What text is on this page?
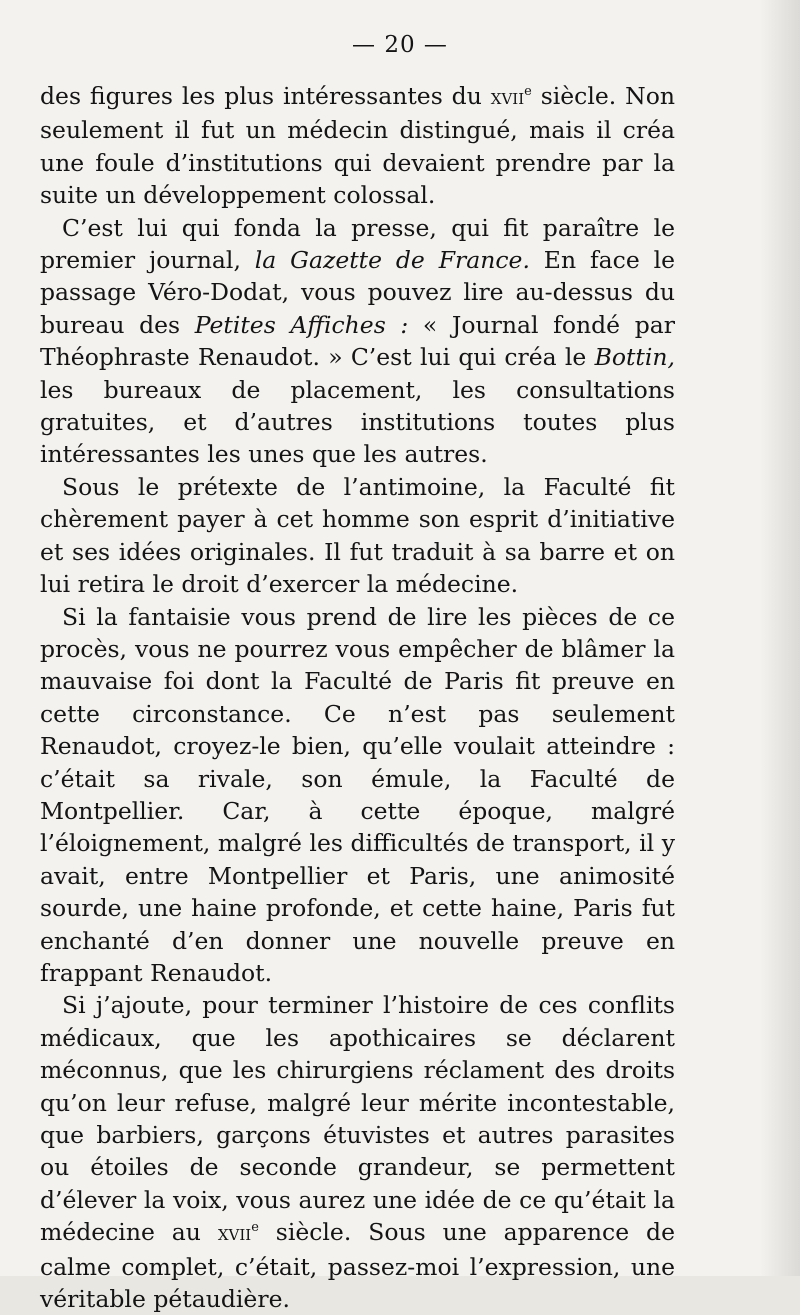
— 20 —

des figures les plus intéressantes du xvii$^e$ siècle. Non seulement il fut un médecin distingué, mais il créa une foule d’institutions qui devaient prendre par la suite un développement colossal.

C’est lui qui fonda la presse, qui fit paraître le premier journal, la Gazette de France. En face le passage Véro-Dodat, vous pouvez lire au-dessus du bureau des Petites Affiches : « Journal fondé par Théophraste Renaudot. » C’est lui qui créa le Bottin, les bureaux de placement, les consultations gratuites, et d’autres institutions toutes plus intéressantes les unes que les autres.

Sous le prétexte de l’antimoine, la Faculté fit chèrement payer à cet homme son esprit d’initiative et ses idées originales. Il fut traduit à sa barre et on lui retira le droit d’exercer la médecine.

Si la fantaisie vous prend de lire les pièces de ce procès, vous ne pourrez vous empêcher de blâmer la mauvaise foi dont la Faculté de Paris fit preuve en cette circonstance. Ce n’est pas seulement Renaudot, croyez-le bien, qu’elle voulait atteindre : c’était sa rivale, son émule, la Faculté de Montpellier. Car, à cette époque, malgré l’éloignement, malgré les difficultés de transport, il y avait, entre Montpellier et Paris, une animosité sourde, une haine profonde, et cette haine, Paris fut enchanté d’en donner une nouvelle preuve en frappant Renaudot.

Si j’ajoute, pour terminer l’histoire de ces conflits médicaux, que les apothicaires se déclarent méconnus, que les chirurgiens réclament des droits qu’on leur refuse, malgré leur mérite incontestable, que barbiers, garçons étuvistes et autres parasites ou étoiles de seconde grandeur, se permettent d’élever la voix, vous aurez une idée de ce qu’était la médecine au xvii$^e$ siècle. Sous une apparence de calme complet, c’était, passez-moi l’expression, une véritable pétaudière.
